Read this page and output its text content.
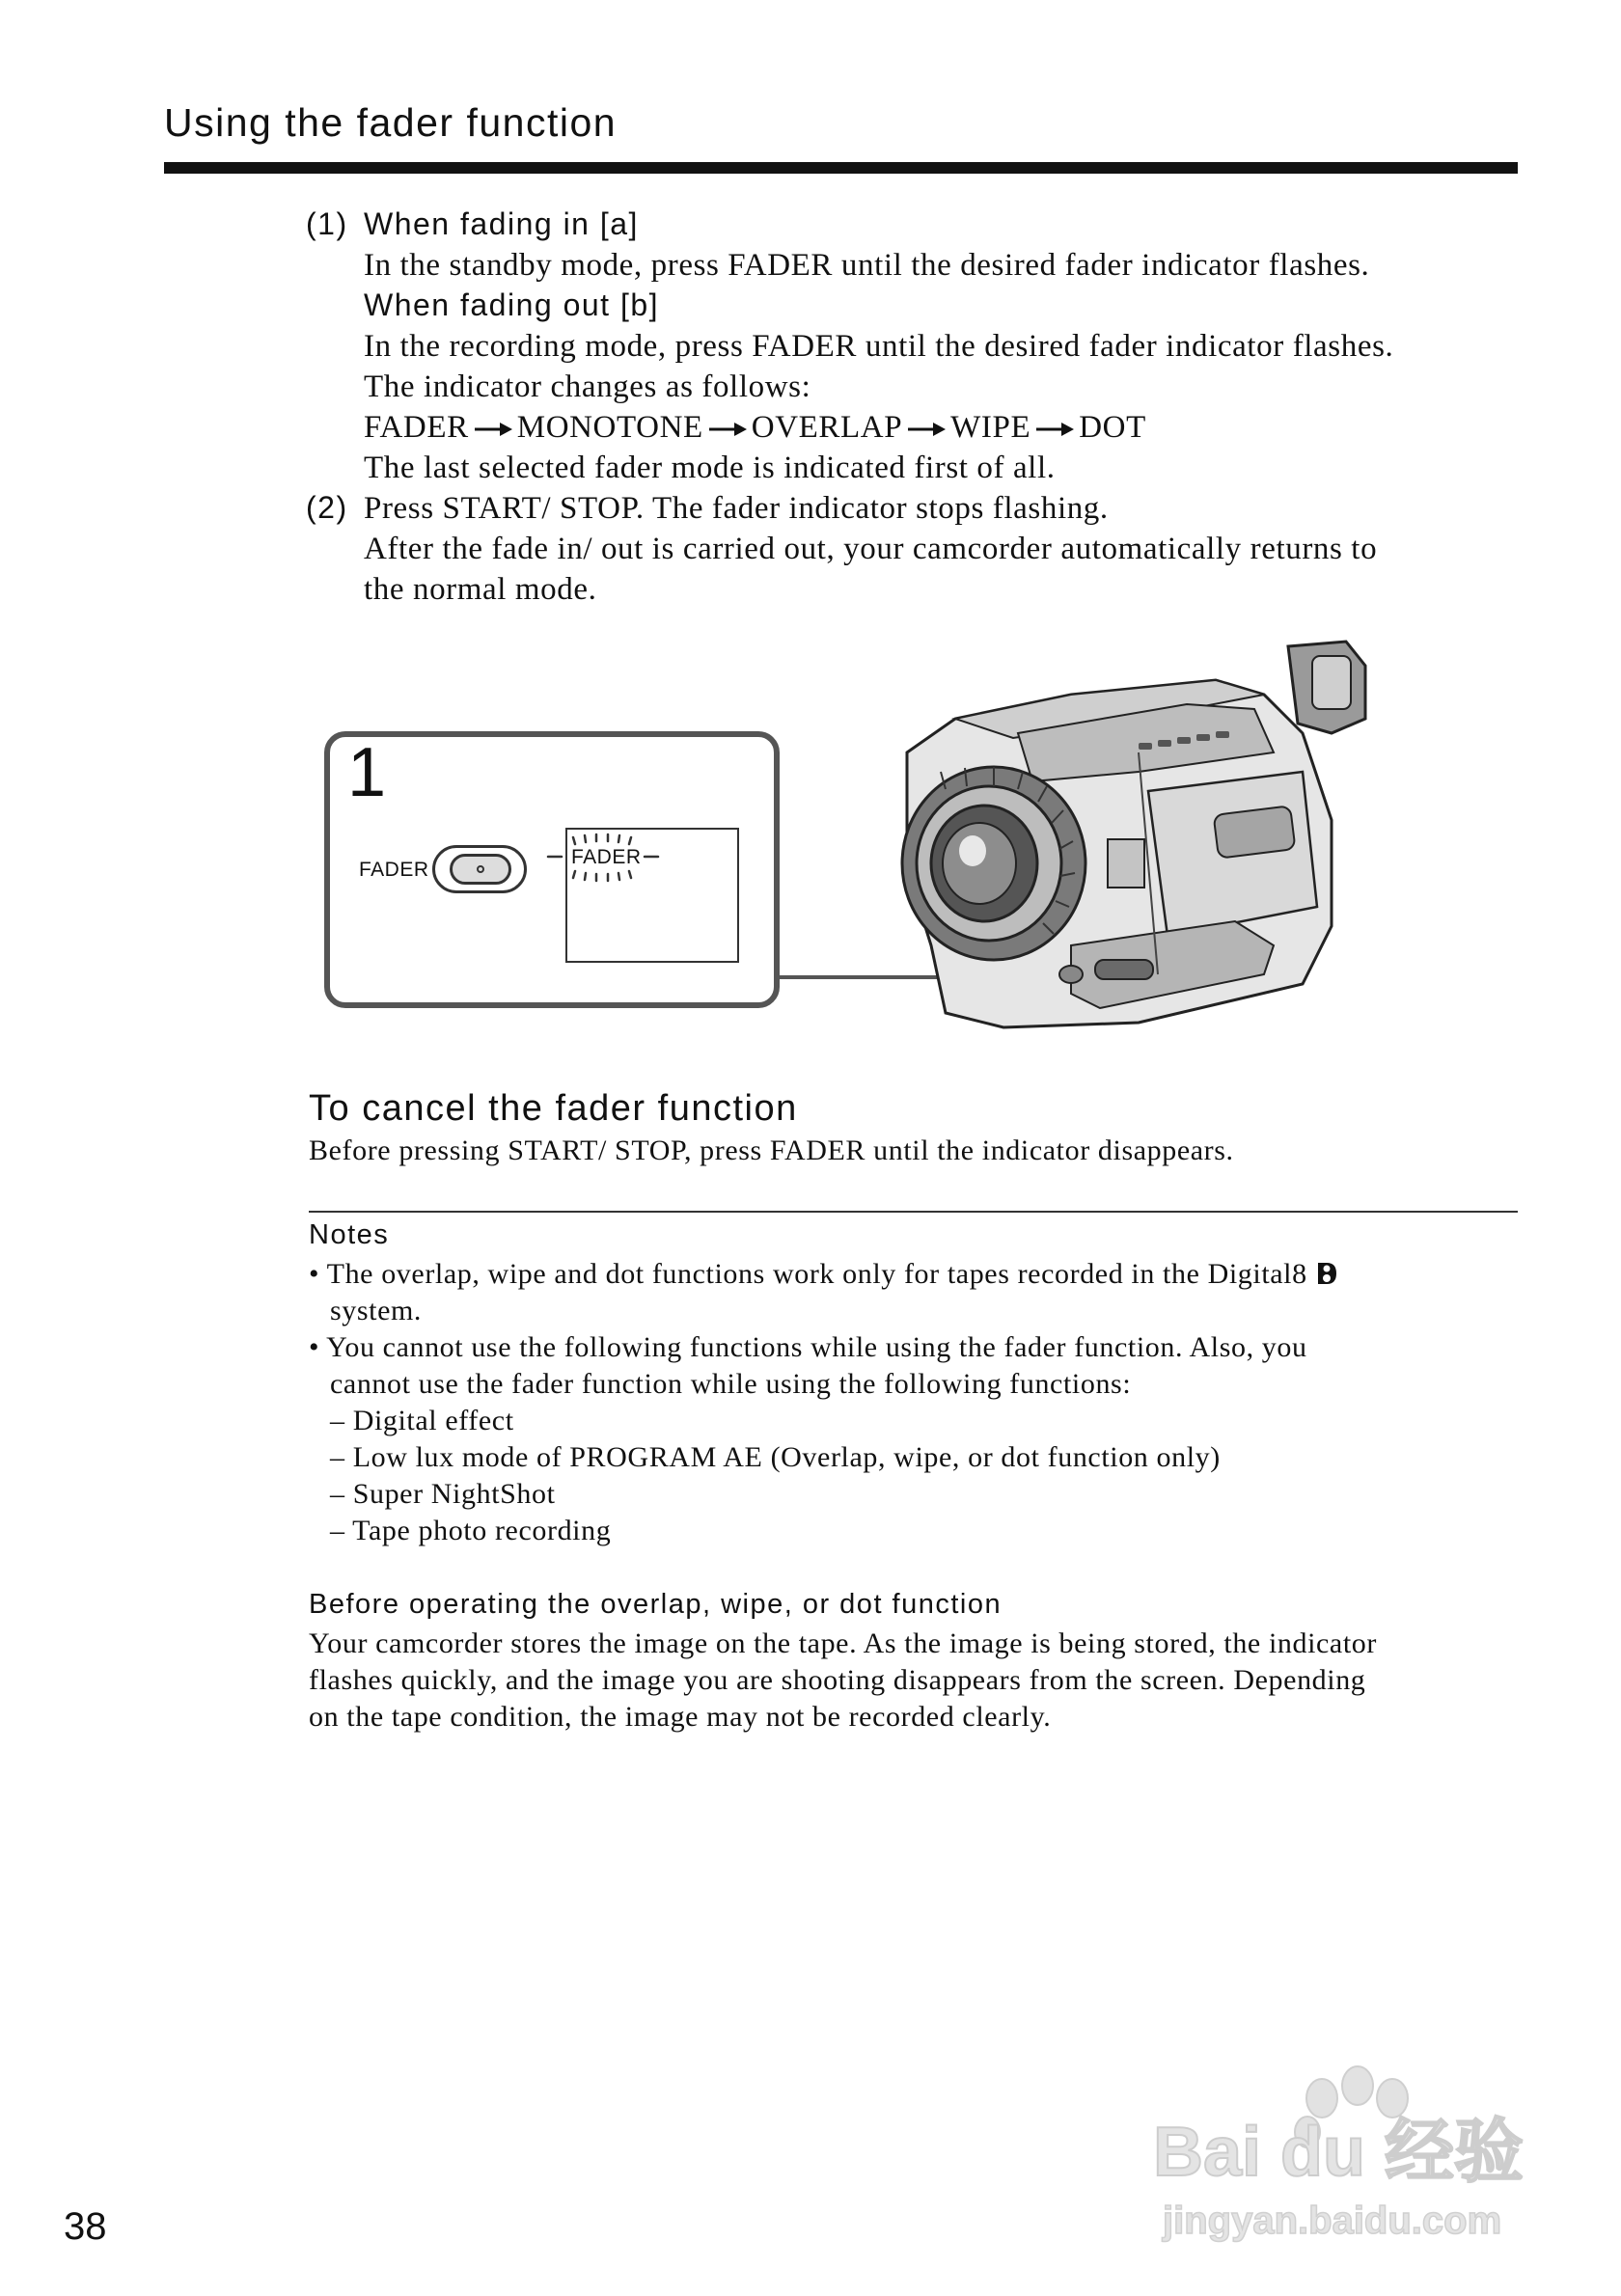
Using the fader function
(1) When fading in [a]
In the standby mode, press FADER until the desired fader indicator flashes.
When fading out [b]
In the recording mode, press FADER until the desired fader indicator flashes.
The indicator changes as follows:
FADER MONOTONE OVERLAP WIPE DOT
The last selected fader mode is indicated first of all.
(2) Press START/ STOP. The fader indicator stops flashing.
After the fade in/ out is carried out, your camcorder automatically returns to
the normal mode.
1
FADER
FADER
To cancel the fader function
Before pressing START/ STOP, press FADER until the indicator disappears.
Notes
• The overlap, wipe and dot functions work only for tapes recorded in the Digital8
system.
• You cannot use the following functions while using the fader function. Also, you
cannot use the fader function while using the following functions:
– Digital effect
– Low lux mode of PROGRAM AE (Overlap, wipe, or dot function only)
– Super NightShot
– Tape photo recording
Before operating the overlap, wipe, or dot function
Your camcorder stores the image on the tape. As the image is being stored, the indicator
flashes quickly, and the image you are shooting disappears from the screen. Depending
on the tape condition, the image may not be recorded clearly.
38
Bai du 经验
jingyan.baidu.com
